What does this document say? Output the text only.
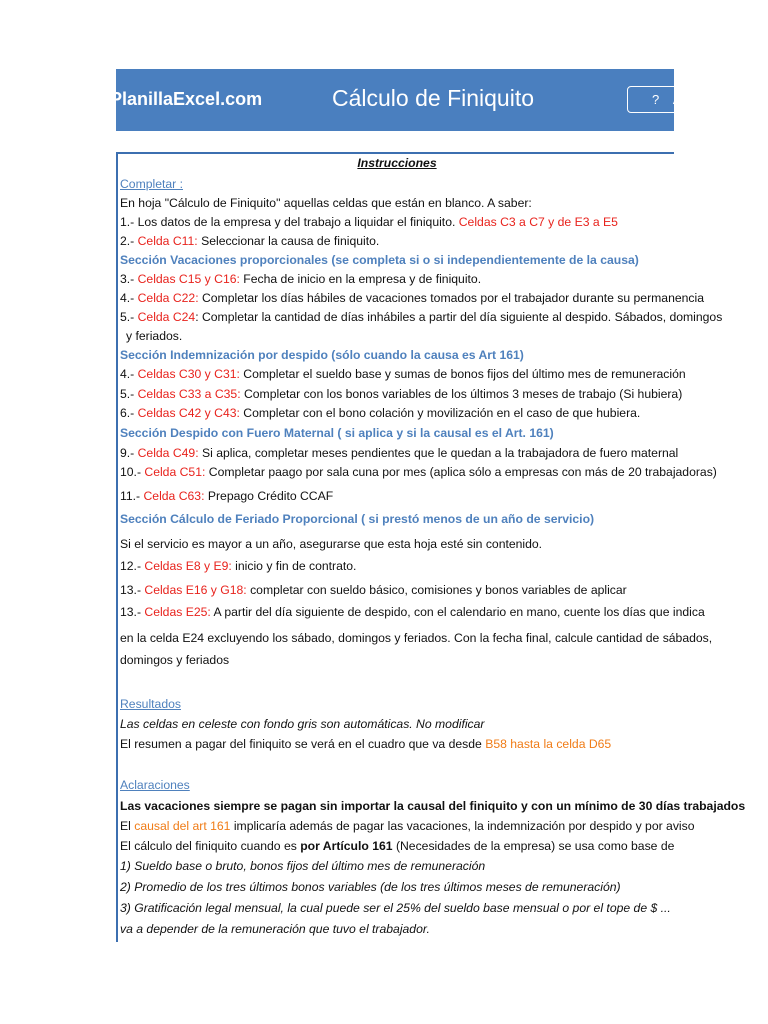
PlanillaExcel.com	Cálculo de Finiquito	? A
Instrucciones
Completar :
En hoja "Cálculo de Finiquito" aquellas celdas que están en blanco. A saber:
1.- Los datos de la empresa y del trabajo a liquidar el finiquito. Celdas C3 a C7 y de E3 a E5
2.- Celda C11: Seleccionar la causa de finiquito.
Sección Vacaciones proporcionales (se completa si o si independientemente de la causa)
3.- Celdas C15 y C16: Fecha de inicio en la empresa y de finiquito.
4.- Celda C22: Completar los días hábiles de vacaciones tomados por el trabajador durante su permanencia
5.- Celda C24: Completar la cantidad de días inhábiles a partir del día siguiente al despido. Sábados, domingos
y feriados.
Sección Indemnización por despido (sólo cuando la causa es Art 161)
4.- Celdas C30 y C31: Completar el sueldo base y sumas de bonos fijos del último mes de remuneración
5.- Celdas C33 a C35: Completar con los bonos variables de los últimos 3 meses de trabajo (Si hubiera)
6.- Celdas C42 y C43: Completar con el bono colación y movilización en el caso de que hubiera.
Sección Despido con Fuero Maternal ( si aplica y si la causal es el Art. 161)
9.- Celda C49: Si aplica, completar meses pendientes que le quedan a la trabajadora de fuero maternal
10.- Celda C51: Completar paago por sala cuna por mes (aplica sólo a empresas con más de 20 trabajadoras)
11.- Celda C63: Prepago Crédito CCAF
Sección Cálculo de Feriado Proporcional ( si prestó menos de un año de servicio)
Si el servicio es mayor a un año, asegurarse que esta hoja esté sin contenido.
12.- Celdas E8 y E9: inicio y fin de contrato.
13.- Celdas E16 y G18: completar con sueldo básico, comisiones y bonos variables de aplicar
13.- Celdas E25: A partir del día siguiente de despido, con el calendario en mano, cuente los días que indica
en la celda E24 excluyendo los sábado, domingos y feriados. Con la fecha final, calcule cantidad de sábados,
domingos y feriados
Resultados
Las celdas en celeste con fondo gris son automáticas. No modificar
El resumen a pagar del finiquito se verá en el cuadro que va desde B58 hasta la celda D65
Aclaraciones
Las vacaciones siempre se pagan sin importar la causal del finiquito y con un mínimo de 30 días trabajados
El causal del art 161 implicaría además de pagar las vacaciones, la indemnización por despido y por aviso
El cálculo del finiquito cuando es por Artículo 161 (Necesidades de la empresa) se usa como base de
1) Sueldo base o bruto, bonos fijos del último mes de remuneración
2) Promedio de los tres últimos bonos variables (de los tres últimos meses de remuneración)
3) Gratificación legal mensual, la cual puede ser el 25% del sueldo base mensual o por el tope de $ ...
va a depender de la remuneración que tuvo el trabajador.
